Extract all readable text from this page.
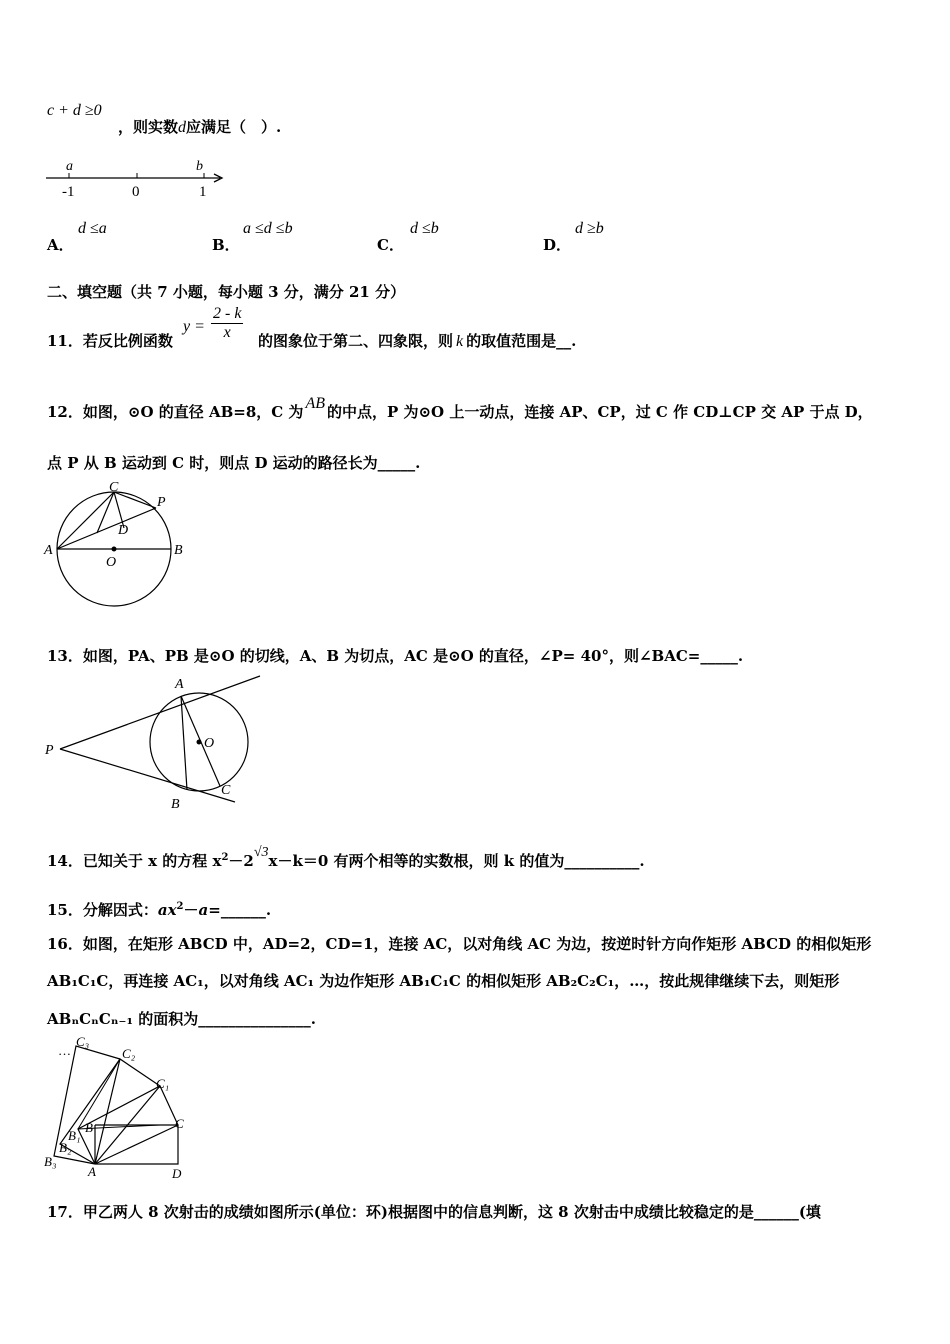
c + d ≥0
，则实数d应满足（　）.
a	b
-1	0	1
A．
d ≤a
B．
a ≤d ≤b
C．
d ≤b
D．
d ≥b
二、填空题（共 7 小题，每小题 3 分，满分 21 分）
11．若反比例函数
$y = \frac{2 - k}{x}$ 的图象位于第二、四象限，则 k 的取值范围是__.
12．如图，⊙O 的直径 AB=8，C 为 AB 的中点，P 为⊙O 上一动点，连接 AP、CP，过 C 作 CD⊥CP 交 AP 于点 D，
点 P 从 B 运动到 C 时，则点 D 运动的路径长为_____.
A	B
C
P
D
O
13．如图，PA、PB 是⊙O 的切线，A、B 为切点，AC 是⊙O 的直径，∠P= 40°，则∠BAC=_____.
P
A
B
C
O
14．已知关于 x 的方程 $x^2-2√3x-k=0$ 有两个相等的实数根，则 k 的值为__________.
15．分解因式：$ax^2-a=\_\_\_\_\_\_$.
16．如图，在矩形 ABCD 中，AD=2，CD=1，连接 AC，以对角线 AC 为边，按逆时针方向作矩形 ABCD 的相似矩形
AB₁C₁C，再连接 AC₁，以对角线 AC₁ 为边作矩形 AB₁C₁C 的相似矩形 AB₂C₂C₁，…，按此规律继续下去，则矩形
ABₙCₙCₙ₋₁ 的面积为_______________.
…
C₃
C₂
C₁
C
B
B₁
B₂
B₃
A	D
17．甲乙两人 8 次射击的成绩如图所示(单位：环)根据图中的信息判断，这 8 次射击中成绩比较稳定的是______(填
